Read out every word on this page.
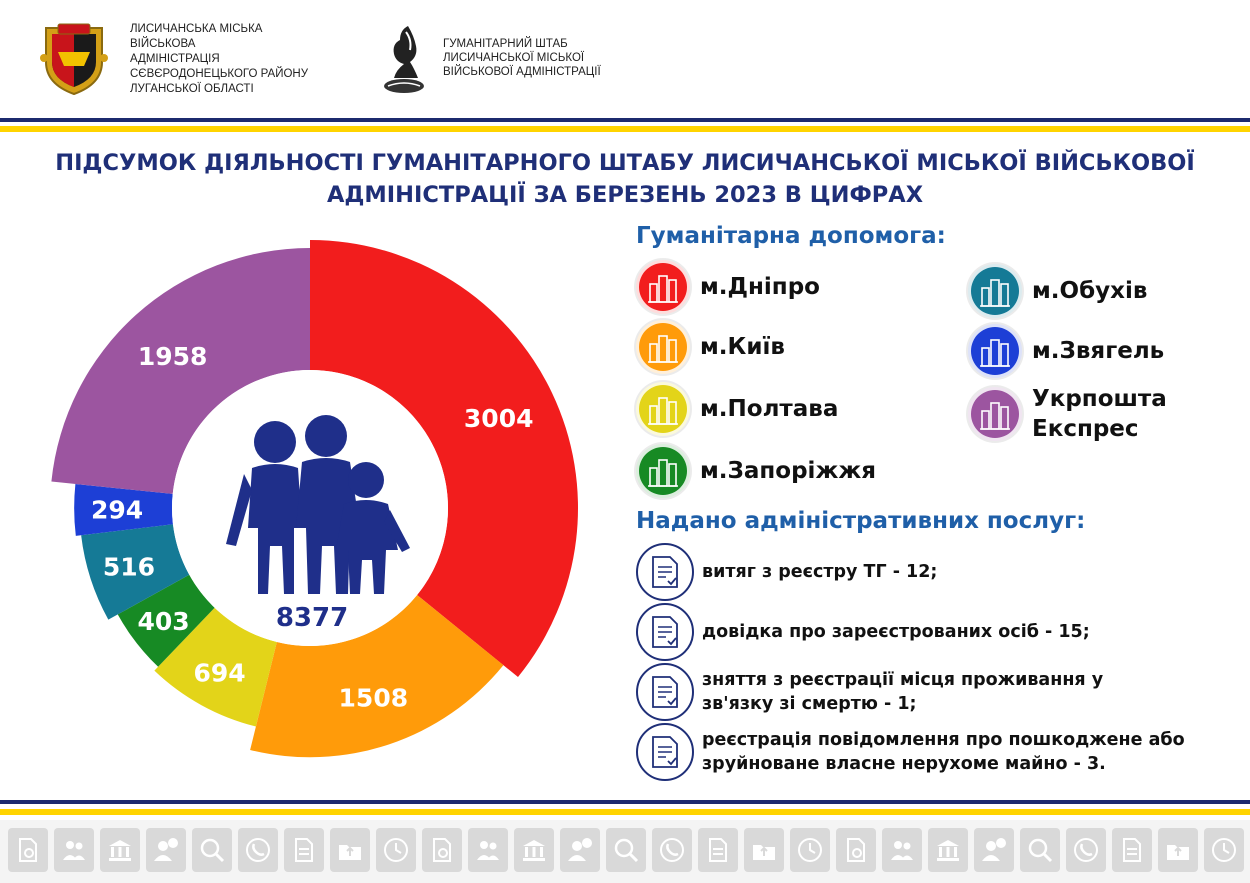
ЛИСИЧАНСЬКА МІСЬКА
ВІЙСЬКОВА
АДМІНІСТРАЦІЯ
СЄВЄРОДОНЕЦЬКОГО РАЙОНУ
ЛУГАНСЬКОЇ ОБЛАСТІ
ГУМАНІТАРНИЙ ШТАБ
ЛИСИЧАНСЬКОЇ МІСЬКОЇ
ВІЙСЬКОВОЇ АДМІНІСТРАЦІЇ
ПІДСУМОК ДІЯЛЬНОСТІ ГУМАНІТАРНОГО ШТАБУ ЛИСИЧАНСЬКОЇ МІСЬКОЇ ВІЙСЬКОВОЇ
АДМІНІСТРАЦІЇ ЗА БЕРЕЗЕНЬ 2023 В ЦИФРАХ
3004
1508
694
403
516
294
1958
8377
Гуманітарна допомога:
м.Дніпро
м.Київ
м.Полтава
м.Запоріжжя
м.Обухів
м.Звягель
Укрпошта
Експрес
Надано адміністративних послуг:
витяг з реєстру ТГ - 12;
довідка про зареєстрованих осіб - 15;
зняття з реєстрації місця проживання у
зв'язку зі смертю - 1;
реєстрація повідомлення про пошкоджене або
зруйноване власне нерухоме майно - 3.
